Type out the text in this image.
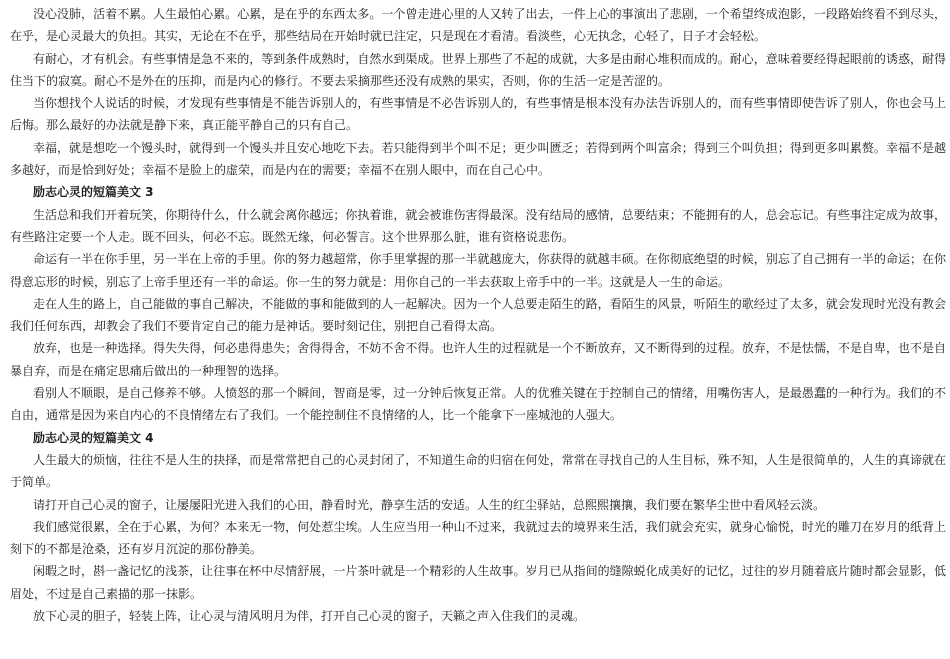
没心没肺，活着不累。人生最怕心累。心累，是在乎的东西太多。一个曾走进心里的人又转了出去，一件上心的事演出了悲剧，一个希望终成泡影，一段路始终看不到尽头，在乎，是心灵最大的负担。其实，无论在不在乎，那些结局在开始时就已注定，只是现在才看清。看淡些，心无执念，心轻了，日子才会轻松。

有耐心，才有机会。有些事情是急不来的，等到条件成熟时，自然水到渠成。世界上那些了不起的成就，大多是由耐心堆积而成的。耐心，意味着要经得起眼前的诱惑，耐得住当下的寂寞。耐心不是外在的压抑，而是内心的修行。不要去采摘那些还没有成熟的果实，否则，你的生活一定是苦涩的。

当你想找个人说话的时候，才发现有些事情是不能告诉别人的，有些事情是不必告诉别人的，有些事情是根本没有办法告诉别人的，而有些事情即使告诉了别人，你也会马上后悔。那么最好的办法就是静下来，真正能平静自己的只有自己。

幸福，就是想吃一个馒头时，就得到一个馒头并且安心地吃下去。若只能得到半个叫不足；更少叫匮乏；若得到两个叫富余；得到三个叫负担；得到更多叫累赘。幸福不是越多越好，而是恰到好处；幸福不是脸上的虚荣，而是内在的需要；幸福不在别人眼中，而在自己心中。

励志心灵的短篇美文 3

生活总和我们开着玩笑，你期待什么，什么就会离你越远；你执着谁，就会被谁伤害得最深。没有结局的感情，总要结束；不能拥有的人，总会忘记。有些事注定成为故事，有些路注定要一个人走。既不回头，何必不忘。既然无缘，何必誓言。这个世界那么脏，谁有资格说悲伤。

命运有一半在你手里，另一半在上帝的手里。你的努力越超常，你手里掌握的那一半就越庞大，你获得的就越丰硕。在你彻底绝望的时候，别忘了自己拥有一半的命运；在你得意忘形的时候，别忘了上帝手里还有一半的命运。你一生的努力就是：用你自己的一半去获取上帝手中的一半。这就是人一生的命运。

走在人生的路上，自己能做的事自己解决，不能做的事和能做到的人一起解决。因为一个人总要走陌生的路，看陌生的风景，听陌生的歌经过了太多，就会发现时光没有教会我们任何东西，却教会了我们不要肯定自己的能力是神话。要时刻记住，别把自己看得太高。

放弃，也是一种选择。得失失得，何必患得患失；舍得得舍，不妨不舍不得。也许人生的过程就是一个不断放弃，又不断得到的过程。放弃，不是怯懦，不是自卑，也不是自暴自弃，而是在痛定思痛后做出的一种理智的选择。

看别人不顺眼，是自己修养不够。人愤怒的那一个瞬间，智商是零，过一分钟后恢复正常。人的优雅关键在于控制自己的情绪，用嘴伤害人，是最愚蠢的一种行为。我们的不自由，通常是因为来自内心的不良情绪左右了我们。一个能控制住不良情绪的人，比一个能拿下一座城池的人强大。

励志心灵的短篇美文 4

人生最大的烦恼，往往不是人生的抉择，而是常常把自己的心灵封闭了，不知道生命的归宿在何处，常常在寻找自己的人生目标，殊不知，人生是很简单的，人生的真谛就在于简单。

请打开自己心灵的窗子，让屡屡阳光进入我们的心田，静看时光，静享生活的安适。人生的红尘驿站，总熙熙攘攘，我们要在繁华尘世中看风轻云淡。

我们感觉很累，全在于心累，为何？本来无一物，何处惹尘埃。人生应当用一种山不过来，我就过去的境界来生活，我们就会充实，就身心愉悦，时光的雕刀在岁月的纸背上刻下的不都是沧桑，还有岁月沉淀的那份静美。

闲暇之时，斟一盏记忆的浅茶，让往事在杯中尽情舒展，一片茶叶就是一个精彩的人生故事。岁月已从指间的缝隙蜕化成美好的记忆，过往的岁月随着底片随时都会显影，低眉处，不过是自己素描的那一抹影。

放下心灵的胆子，轻装上阵，让心灵与清风明月为伴，打开自己心灵的窗子，天籁之声入住我们的灵魂。
